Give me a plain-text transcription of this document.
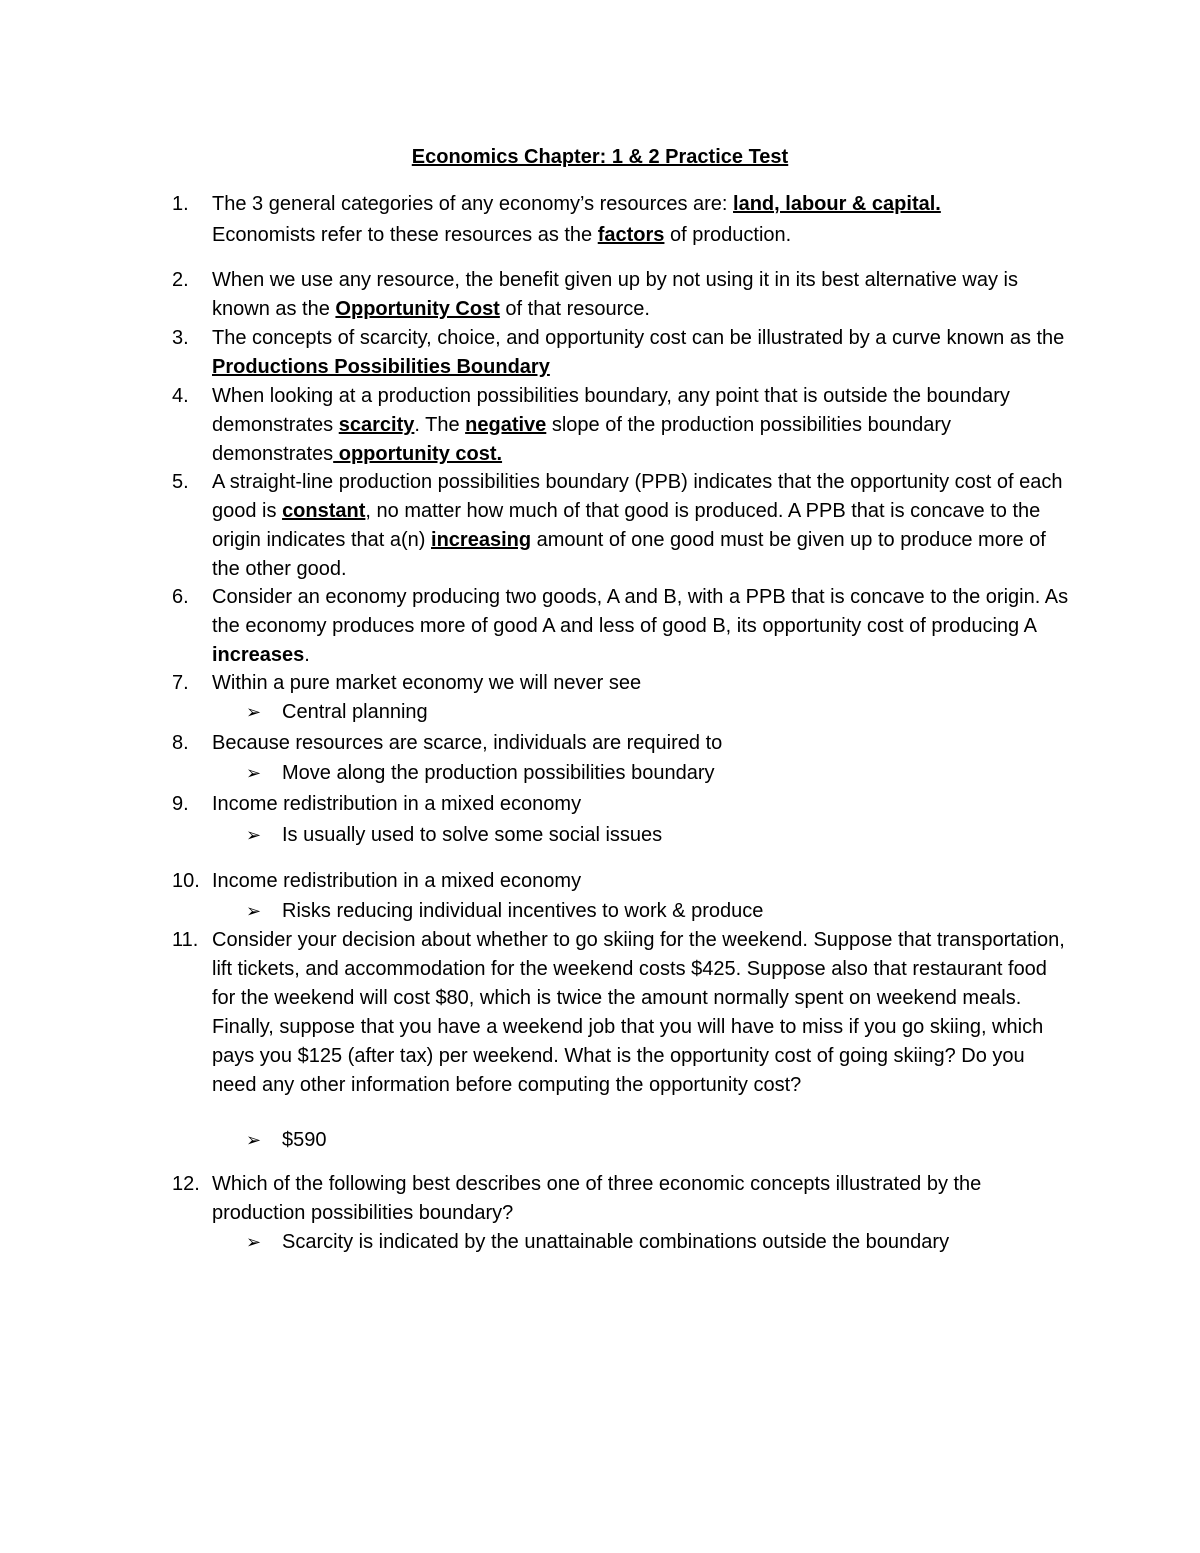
Economics Chapter: 1 & 2 Practice Test
1. The 3 general categories of any economy’s resources are: land, labour & capital.
Economists refer to these resources as the factors of production.
2. When we use any resource, the benefit given up by not using it in its best alternative way is known as the Opportunity Cost of that resource.
3. The concepts of scarcity, choice, and opportunity cost can be illustrated by a curve known as the Productions Possibilities Boundary
4. When looking at a production possibilities boundary, any point that is outside the boundary demonstrates scarcity. The negative slope of the production possibilities boundary demonstrates opportunity cost.
5. A straight-line production possibilities boundary (PPB) indicates that the opportunity cost of each good is constant, no matter how much of that good is produced. A PPB that is concave to the origin indicates that a(n) increasing amount of one good must be given up to produce more of the other good.
6. Consider an economy producing two goods, A and B, with a PPB that is concave to the origin. As the economy produces more of good A and less of good B, its opportunity cost of producing A increases.
7. Within a pure market economy we will never see
➢ Central planning
8. Because resources are scarce, individuals are required to
➢ Move along the production possibilities boundary
9. Income redistribution in a mixed economy
➢ Is usually used to solve some social issues
10. Income redistribution in a mixed economy
➢ Risks reducing individual incentives to work & produce
11. Consider your decision about whether to go skiing for the weekend. Suppose that transportation, lift tickets, and accommodation for the weekend costs $425. Suppose also that restaurant food for the weekend will cost $80, which is twice the amount normally spent on weekend meals. Finally, suppose that you have a weekend job that you will have to miss if you go skiing, which pays you $125 (after tax) per weekend. What is the opportunity cost of going skiing? Do you need any other information before computing the opportunity cost?
➢ $590
12. Which of the following best describes one of three economic concepts illustrated by the production possibilities boundary?
➢ Scarcity is indicated by the unattainable combinations outside the boundary
